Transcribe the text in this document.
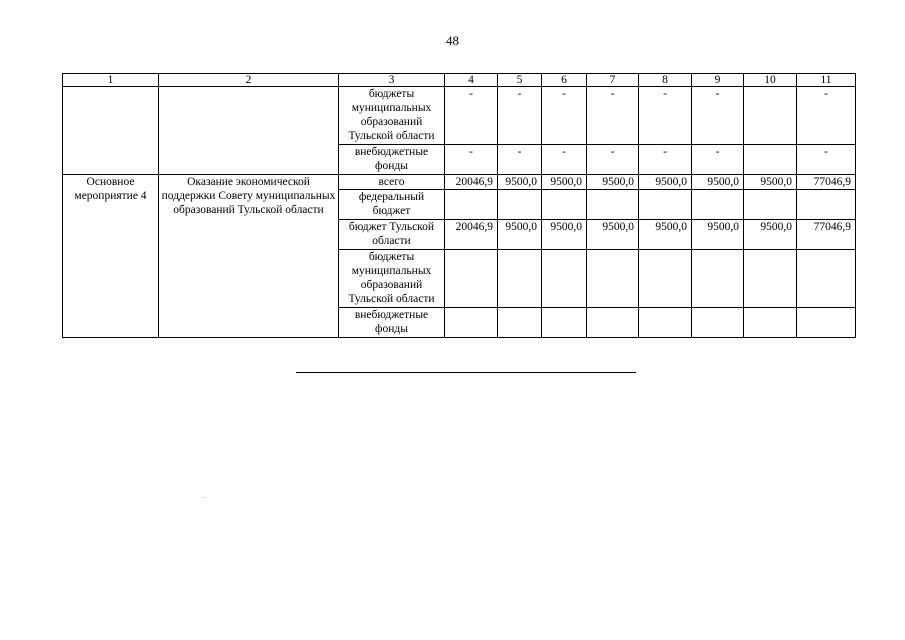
48
1	2	3	4	5	6	7	8	9	10	11
		бюджеты муниципальных образований Тульской области	-	-	-	-	-	-		-
		внебюджетные фонды	-	-	-	-	-	-		-
Основное мероприятие 4	Оказание экономической поддержки Совету муниципальных образований Тульской области	всего	20046,9	9500,0	9500,0	9500,0	9500,0	9500,0	9500,0	77046,9
		федеральный бюджет								
		бюджет Тульской области	20046,9	9500,0	9500,0	9500,0	9500,0	9500,0	9500,0	77046,9
		бюджеты муниципальных образований Тульской области								
		внебюджетные фонды								
